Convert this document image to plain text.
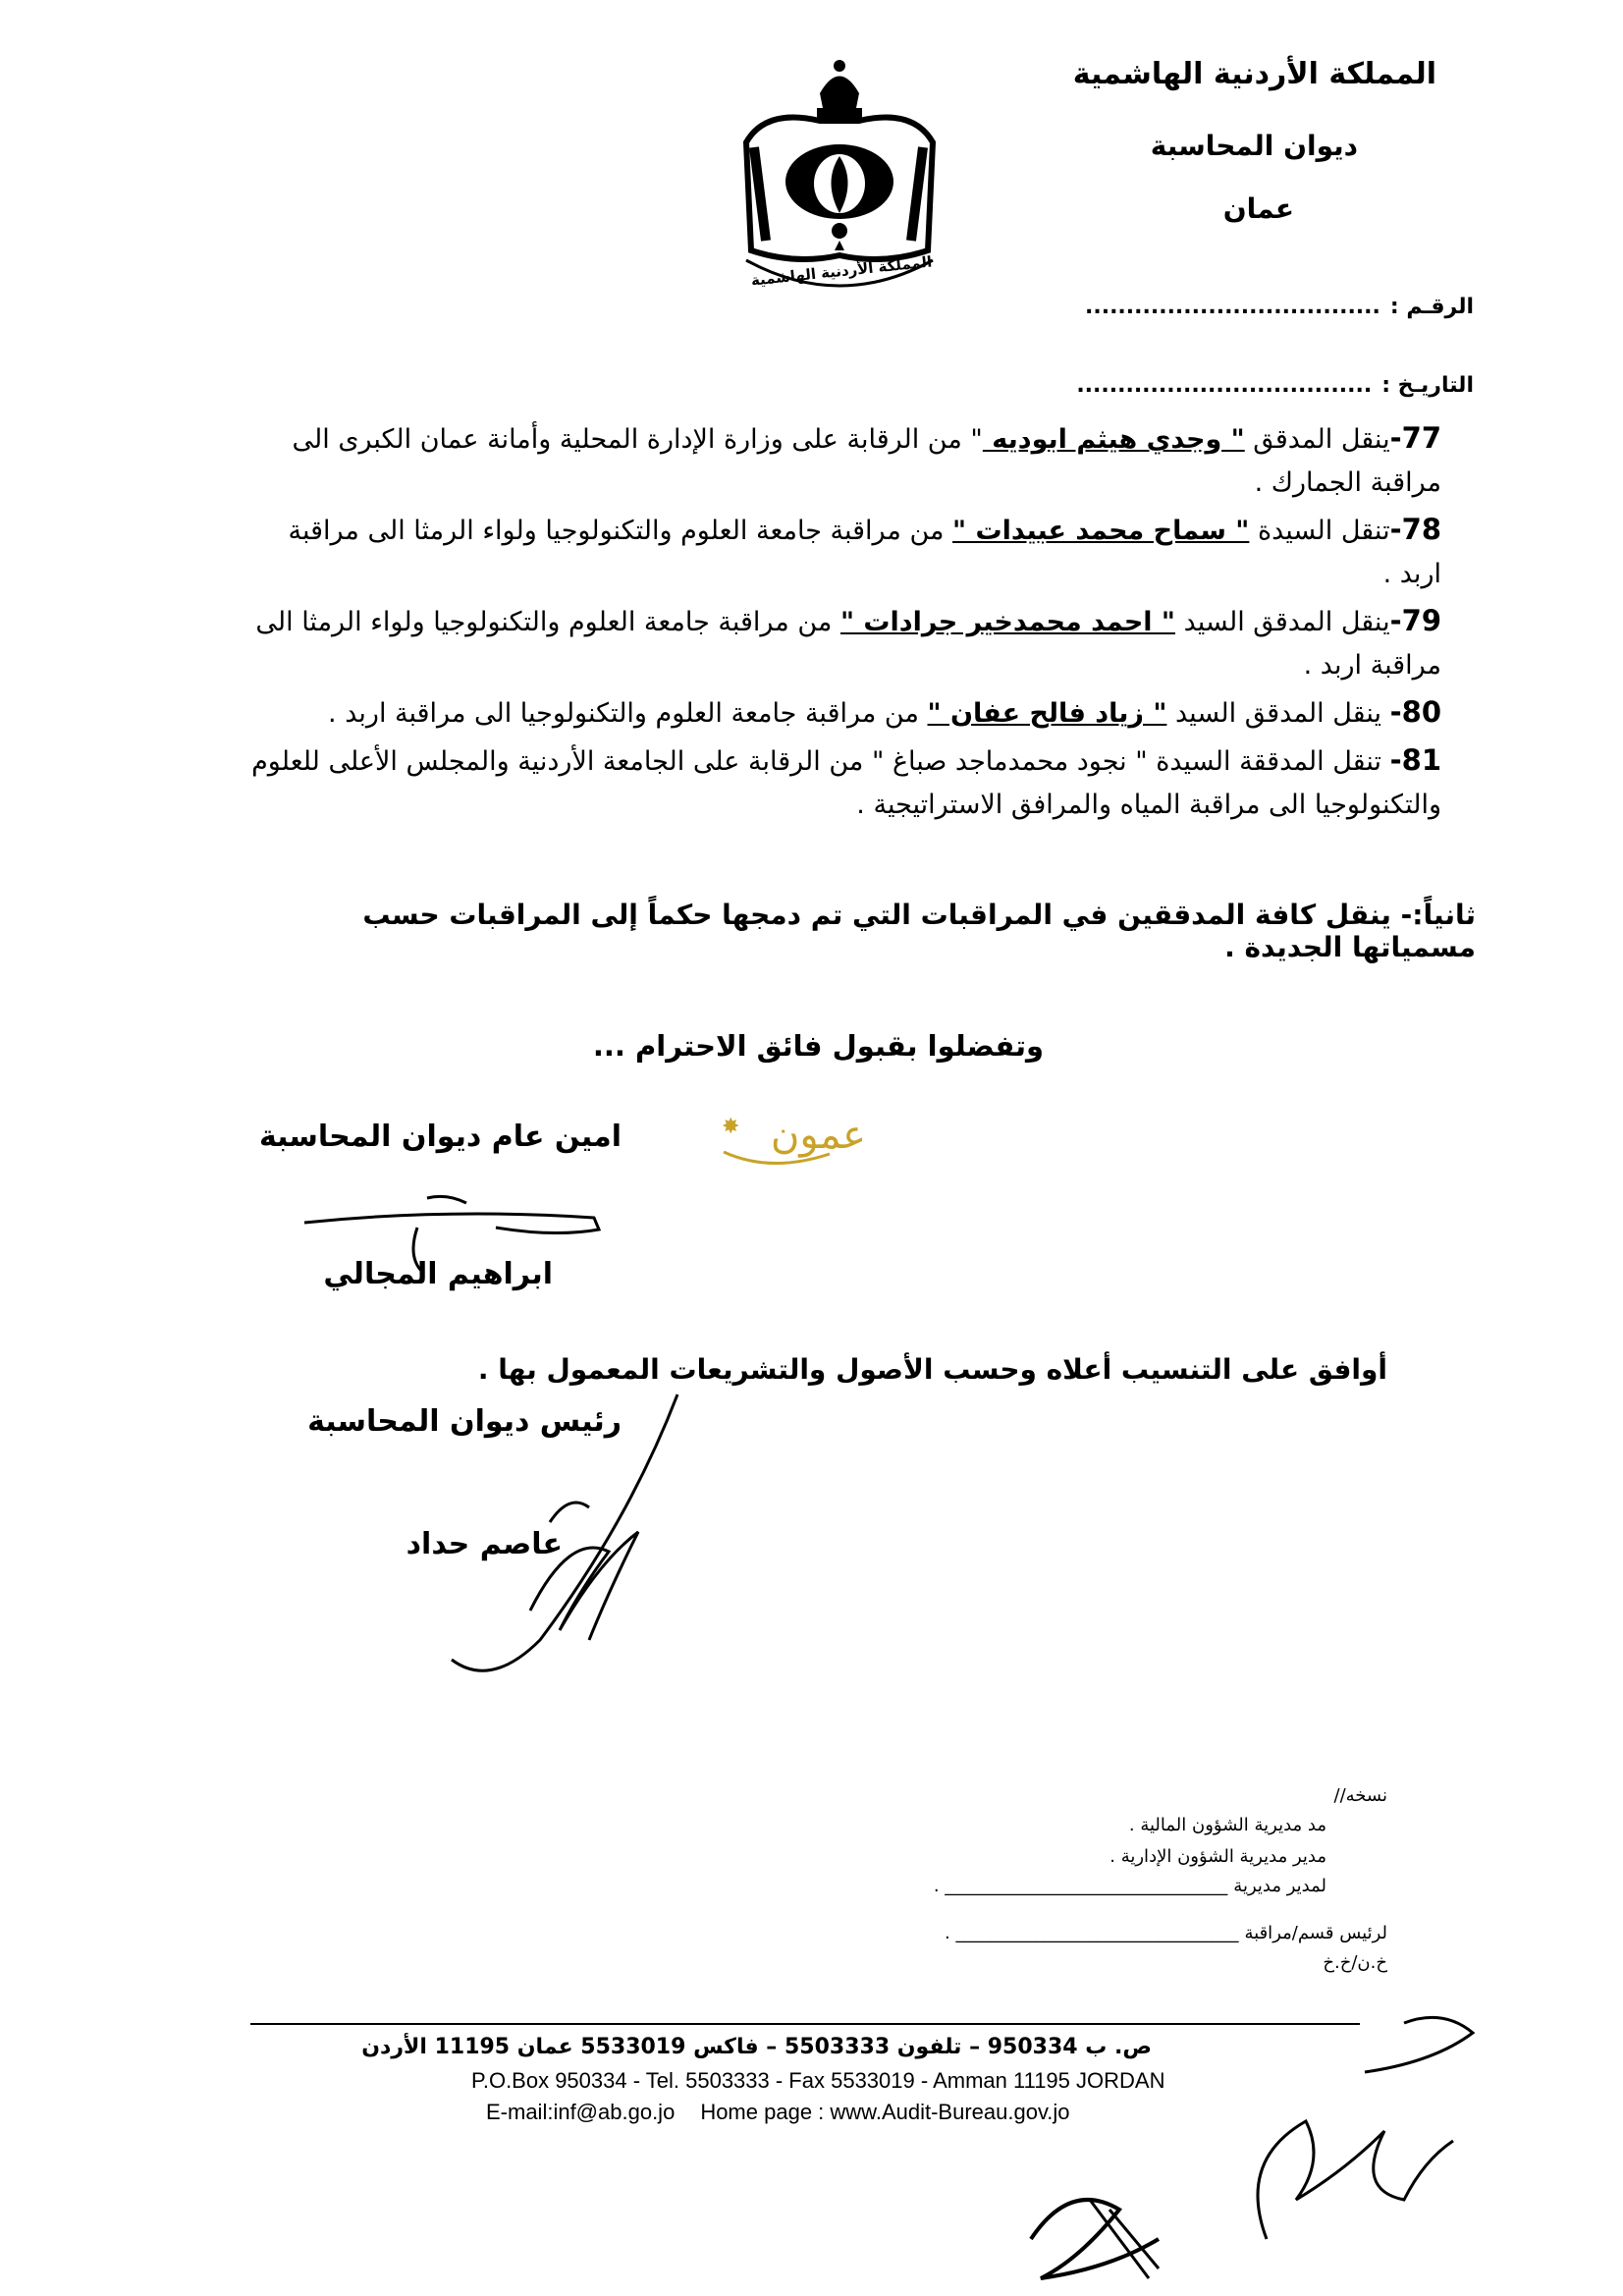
المملكة الأردنية الهاشمية
ديوان المحاسبة
عمان
الرقـم :
....................................
التاريـخ :
....................................
المملكة الأردنية الهاشمية
77-ينقل المدقق " وجدي هيثم ابوديه " من الرقابة على وزارة الإدارة المحلية وأمانة عمان الكبرى الى مراقبة الجمارك .
78-تنقل السيدة " سماح محمد عبيدات " من مراقبة جامعة العلوم والتكنولوجيا ولواء الرمثا الى مراقبة اربد .
79-ينقل المدقق السيد " احمد محمدخير جرادات " من مراقبة جامعة العلوم والتكنولوجيا ولواء الرمثا الى مراقبة اربد .
80- ينقل المدقق السيد " زياد فالح عفان " من مراقبة جامعة العلوم والتكنولوجيا الى مراقبة اربد .
81- تنقل المدققة السيدة " نجود محمدماجد صباغ " من الرقابة على الجامعة الأردنية والمجلس الأعلى للعلوم والتكنولوجيا الى مراقبة المياه والمرافق الاستراتيجية .
ثانياً:- ينقل كافة المدققين في المراقبات التي تم دمجها حكماً إلى المراقبات حسب مسمياتها الجديدة .
وتفضلوا بقبول فائق الاحترام ...
امين عام ديوان المحاسبة
ابراهيم المجالي
✸ عمون
أوافق على التنسيب أعلاه وحسب الأصول والتشريعات المعمول بها .
رئيس ديوان المحاسبة
عاصم حداد
نسخه//
مد مديرية الشؤون المالية .
مدير مديرية الشؤون الإدارية .
لمدير مديرية
________________________________ .
لرئيس قسم/مراقبة
________________________________ .
خ.ن/خ.خ
ص. ب 950334 – تلفون 5503333 – فاكس 5533019 عمان 11195 الأردن
P.O.Box 950334 - Tel. 5503333 - Fax 5533019 - Amman 11195 JORDAN
E-mail:inf@ab.go.jo Home page : www.Audit-Bureau.gov.jo
